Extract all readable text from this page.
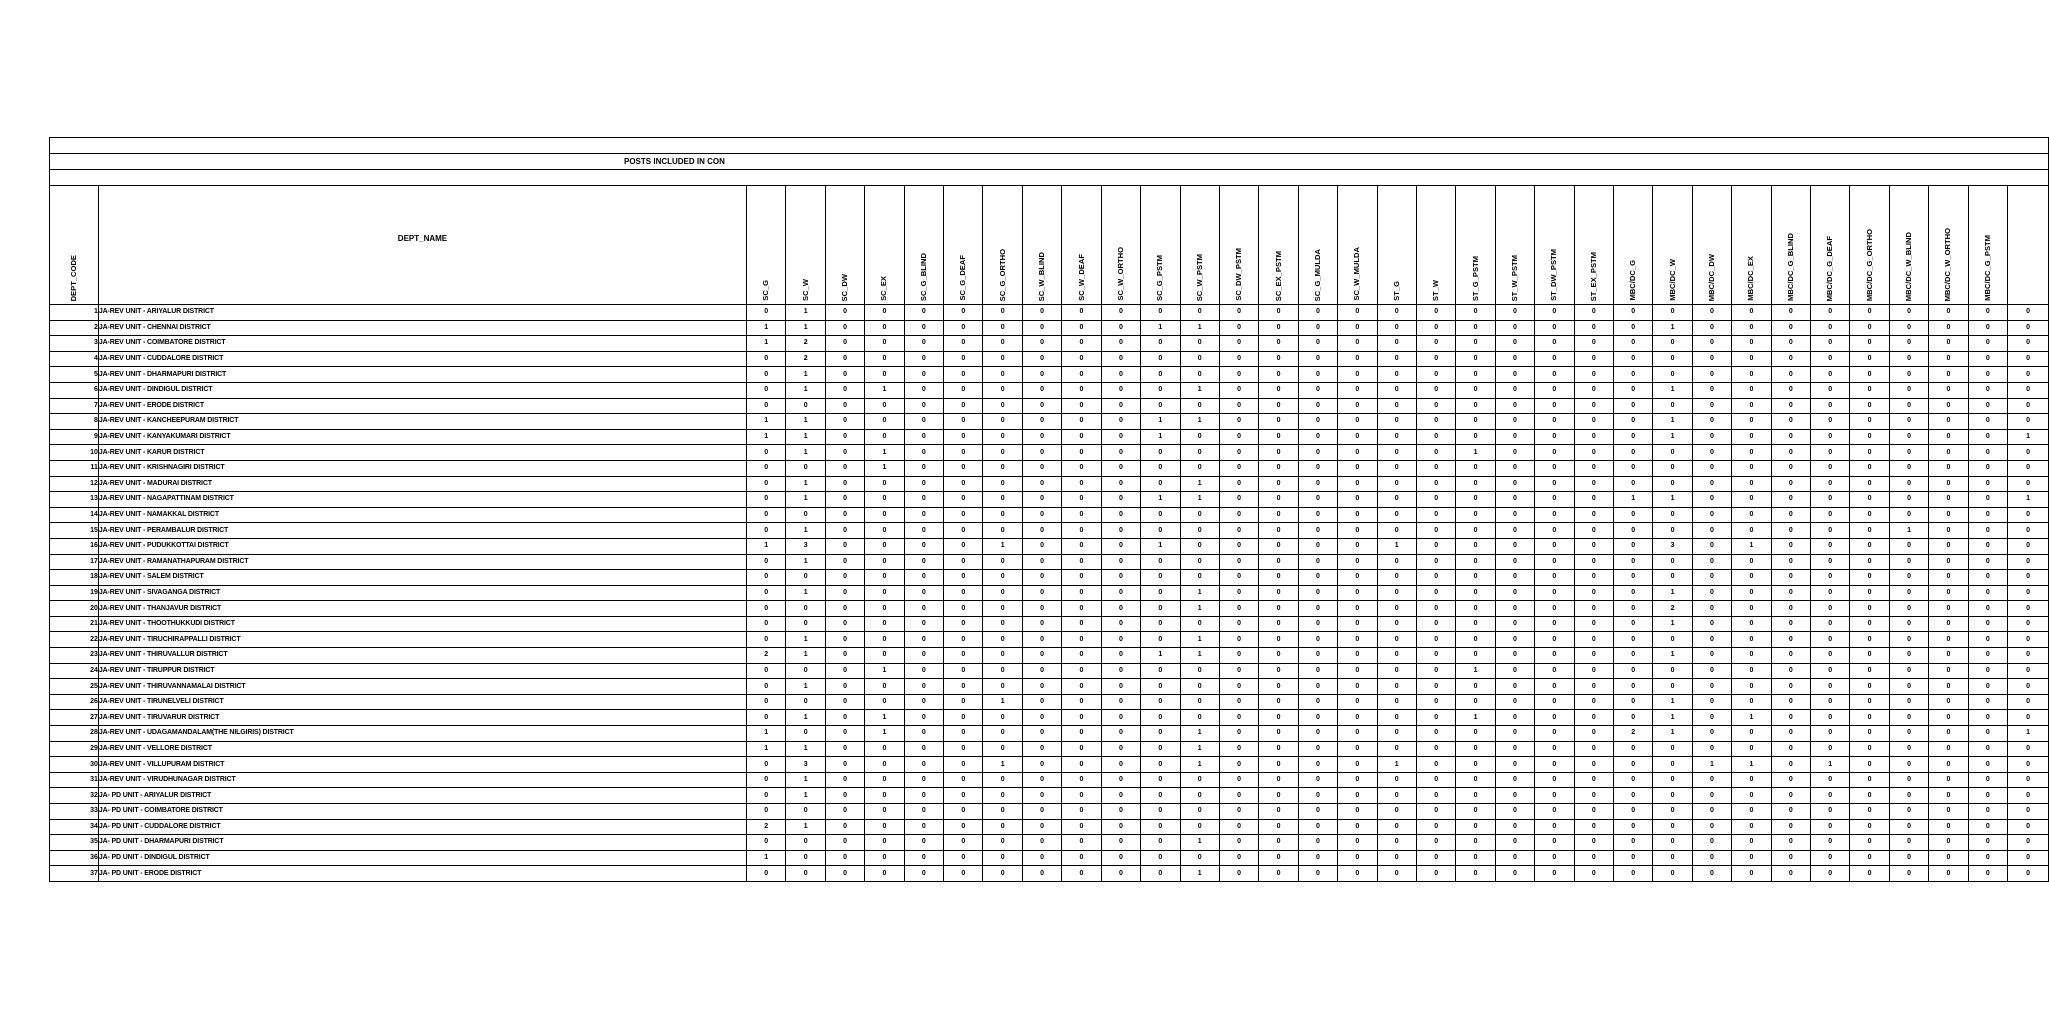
POSTS INCLUDED IN CON																																		

DEPT_CODE	DEPT_NAME	SC_G	SC_W	SC_DW	SC_EX	SC_G_BLIND	SC_G_DEAF	SC_G_ORTHO	SC_W_BLIND	SC_W_DEAF	SC_W_ORTHO	SC_G_PSTM	SC_W_PSTM	SC_DW_PSTM	SC_EX_PSTM	SC_G_MULDA	SC_W_MULDA	ST_G	ST_W	ST_G_PSTM	ST_W_PSTM	ST_DW_PSTM	ST_EX_PSTM	MBC/DC_G	MBC/DC_W	MBC/DC_DW	MBC/DC_EX	MBC/DC_G_BLIND	MBC/DC_G_DEAF	MBC/DC_G_ORTHO	MBC/DC_W_BLIND	MBC/DC_W_ORTHO	MBC/DC_G_PSTM	

1	JA-REV UNIT - ARIYALUR DISTRICT	0	1	0	0	0	0	0	0	0	0	0	0	0	0	0	0	0	0	0	0	0	0	0	0	0	0	0	0	0	0	0	0	0
2	JA-REV UNIT - CHENNAI DISTRICT	1	1	0	0	0	0	0	0	0	0	1	1	0	0	0	0	0	0	0	0	0	0	0	1	0	0	0	0	0	0	0	0	0
3	JA-REV UNIT - COIMBATORE DISTRICT	1	2	0	0	0	0	0	0	0	0	0	0	0	0	0	0	0	0	0	0	0	0	0	0	0	0	0	0	0	0	0	0	0
4	JA-REV UNIT - CUDDALORE DISTRICT	0	2	0	0	0	0	0	0	0	0	0	0	0	0	0	0	0	0	0	0	0	0	0	0	0	0	0	0	0	0	0	0	0
5	JA-REV UNIT - DHARMAPURI DISTRICT	0	1	0	0	0	0	0	0	0	0	0	0	0	0	0	0	0	0	0	0	0	0	0	0	0	0	0	0	0	0	0	0	0
6	JA-REV UNIT - DINDIGUL DISTRICT	0	1	0	1	0	0	0	0	0	0	0	1	0	0	0	0	0	0	0	0	0	0	0	1	0	0	0	0	0	0	0	0	0
7	JA-REV UNIT - ERODE DISTRICT	0	0	0	0	0	0	0	0	0	0	0	0	0	0	0	0	0	0	0	0	0	0	0	0	0	0	0	0	0	0	0	0	0
8	JA-REV UNIT - KANCHEEPURAM DISTRICT	1	1	0	0	0	0	0	0	0	0	1	1	0	0	0	0	0	0	0	0	0	0	0	1	0	0	0	0	0	0	0	0	0
9	JA-REV UNIT - KANYAKUMARI DISTRICT	1	1	0	0	0	0	0	0	0	0	1	0	0	0	0	0	0	0	0	0	0	0	0	1	0	0	0	0	0	0	0	0	1
10	JA-REV UNIT - KARUR DISTRICT	0	1	0	1	0	0	0	0	0	0	0	0	0	0	0	0	0	0	1	0	0	0	0	0	0	0	0	0	0	0	0	0	0
11	JA-REV UNIT - KRISHNAGIRI DISTRICT	0	0	0	1	0	0	0	0	0	0	0	0	0	0	0	0	0	0	0	0	0	0	0	0	0	0	0	0	0	0	0	0	0
12	JA-REV UNIT - MADURAI DISTRICT	0	1	0	0	0	0	0	0	0	0	0	1	0	0	0	0	0	0	0	0	0	0	0	0	0	0	0	0	0	0	0	0	0
13	JA-REV UNIT - NAGAPATTINAM DISTRICT	0	1	0	0	0	0	0	0	0	0	1	1	0	0	0	0	0	0	0	0	0	0	1	1	0	0	0	0	0	0	0	0	1
14	JA-REV UNIT - NAMAKKAL DISTRICT	0	0	0	0	0	0	0	0	0	0	0	0	0	0	0	0	0	0	0	0	0	0	0	0	0	0	0	0	0	0	0	0	0
15	JA-REV UNIT - PERAMBALUR DISTRICT	0	1	0	0	0	0	0	0	0	0	0	0	0	0	0	0	0	0	0	0	0	0	0	0	0	0	0	0	0	1	0	0	0
16	JA-REV UNIT - PUDUKKOTTAI DISTRICT	1	3	0	0	0	0	1	0	0	0	1	0	0	0	0	0	1	0	0	0	0	0	0	3	0	1	0	0	0	0	0	0	0
17	JA-REV UNIT - RAMANATHAPURAM DISTRICT	0	1	0	0	0	0	0	0	0	0	0	0	0	0	0	0	0	0	0	0	0	0	0	0	0	0	0	0	0	0	0	0	0
18	JA-REV UNIT - SALEM DISTRICT	0	0	0	0	0	0	0	0	0	0	0	0	0	0	0	0	0	0	0	0	0	0	0	0	0	0	0	0	0	0	0	0	0
19	JA-REV UNIT - SIVAGANGA DISTRICT	0	1	0	0	0	0	0	0	0	0	0	1	0	0	0	0	0	0	0	0	0	0	0	1	0	0	0	0	0	0	0	0	0
20	JA-REV UNIT - THANJAVUR DISTRICT	0	0	0	0	0	0	0	0	0	0	0	1	0	0	0	0	0	0	0	0	0	0	0	2	0	0	0	0	0	0	0	0	0
21	JA-REV UNIT - THOOTHUKKUDI DISTRICT	0	0	0	0	0	0	0	0	0	0	0	0	0	0	0	0	0	0	0	0	0	0	0	1	0	0	0	0	0	0	0	0	0
22	JA-REV UNIT - TIRUCHIRAPPALLI DISTRICT	0	1	0	0	0	0	0	0	0	0	0	1	0	0	0	0	0	0	0	0	0	0	0	0	0	0	0	0	0	0	0	0	0
23	JA-REV UNIT - THIRUVALLUR DISTRICT	2	1	0	0	0	0	0	0	0	0	1	1	0	0	0	0	0	0	0	0	0	0	0	1	0	0	0	0	0	0	0	0	0
24	JA-REV UNIT - TIRUPPUR DISTRICT	0	0	0	1	0	0	0	0	0	0	0	0	0	0	0	0	0	0	1	0	0	0	0	0	0	0	0	0	0	0	0	0	0
25	JA-REV UNIT - THIRUVANNAMALAI DISTRICT	0	1	0	0	0	0	0	0	0	0	0	0	0	0	0	0	0	0	0	0	0	0	0	0	0	0	0	0	0	0	0	0	0
26	JA-REV UNIT - TIRUNELVELI DISTRICT	0	0	0	0	0	0	1	0	0	0	0	0	0	0	0	0	0	0	0	0	0	0	0	1	0	0	0	0	0	0	0	0	0
27	JA-REV UNIT - TIRUVARUR DISTRICT	0	1	0	1	0	0	0	0	0	0	0	0	0	0	0	0	0	0	1	0	0	0	0	1	0	1	0	0	0	0	0	0	0
28	JA-REV UNIT - UDAGAMANDALAM(THE NILGIRIS) DISTRICT	1	0	0	1	0	0	0	0	0	0	0	1	0	0	0	0	0	0	0	0	0	0	2	1	0	0	0	0	0	0	0	0	1
29	JA-REV UNIT - VELLORE DISTRICT	1	1	0	0	0	0	0	0	0	0	0	1	0	0	0	0	0	0	0	0	0	0	0	0	0	0	0	0	0	0	0	0	0
30	JA-REV UNIT - VILLUPURAM DISTRICT	0	3	0	0	0	0	1	0	0	0	0	1	0	0	0	0	1	0	0	0	0	0	0	0	1	1	0	1	0	0	0	0	0
31	JA-REV UNIT - VIRUDHUNAGAR DISTRICT	0	1	0	0	0	0	0	0	0	0	0	0	0	0	0	0	0	0	0	0	0	0	0	0	0	0	0	0	0	0	0	0	0
32	JA- PD UNIT - ARIYALUR DISTRICT	0	1	0	0	0	0	0	0	0	0	0	0	0	0	0	0	0	0	0	0	0	0	0	0	0	0	0	0	0	0	0	0	0
33	JA- PD UNIT - COIMBATORE DISTRICT	0	0	0	0	0	0	0	0	0	0	0	0	0	0	0	0	0	0	0	0	0	0	0	0	0	0	0	0	0	0	0	0	0
34	JA- PD UNIT - CUDDALORE DISTRICT	2	1	0	0	0	0	0	0	0	0	0	0	0	0	0	0	0	0	0	0	0	0	0	0	0	0	0	0	0	0	0	0	0
35	JA- PD UNIT - DHARMAPURI DISTRICT	0	0	0	0	0	0	0	0	0	0	0	1	0	0	0	0	0	0	0	0	0	0	0	0	0	0	0	0	0	0	0	0	0
36	JA- PD UNIT - DINDIGUL DISTRICT	1	0	0	0	0	0	0	0	0	0	0	0	0	0	0	0	0	0	0	0	0	0	0	0	0	0	0	0	0	0	0	0	0
37	JA- PD UNIT - ERODE DISTRICT	0	0	0	0	0	0	0	0	0	0	0	1	0	0	0	0	0	0	0	0	0	0	0	0	0	0	0	0	0	0	0	0	0
